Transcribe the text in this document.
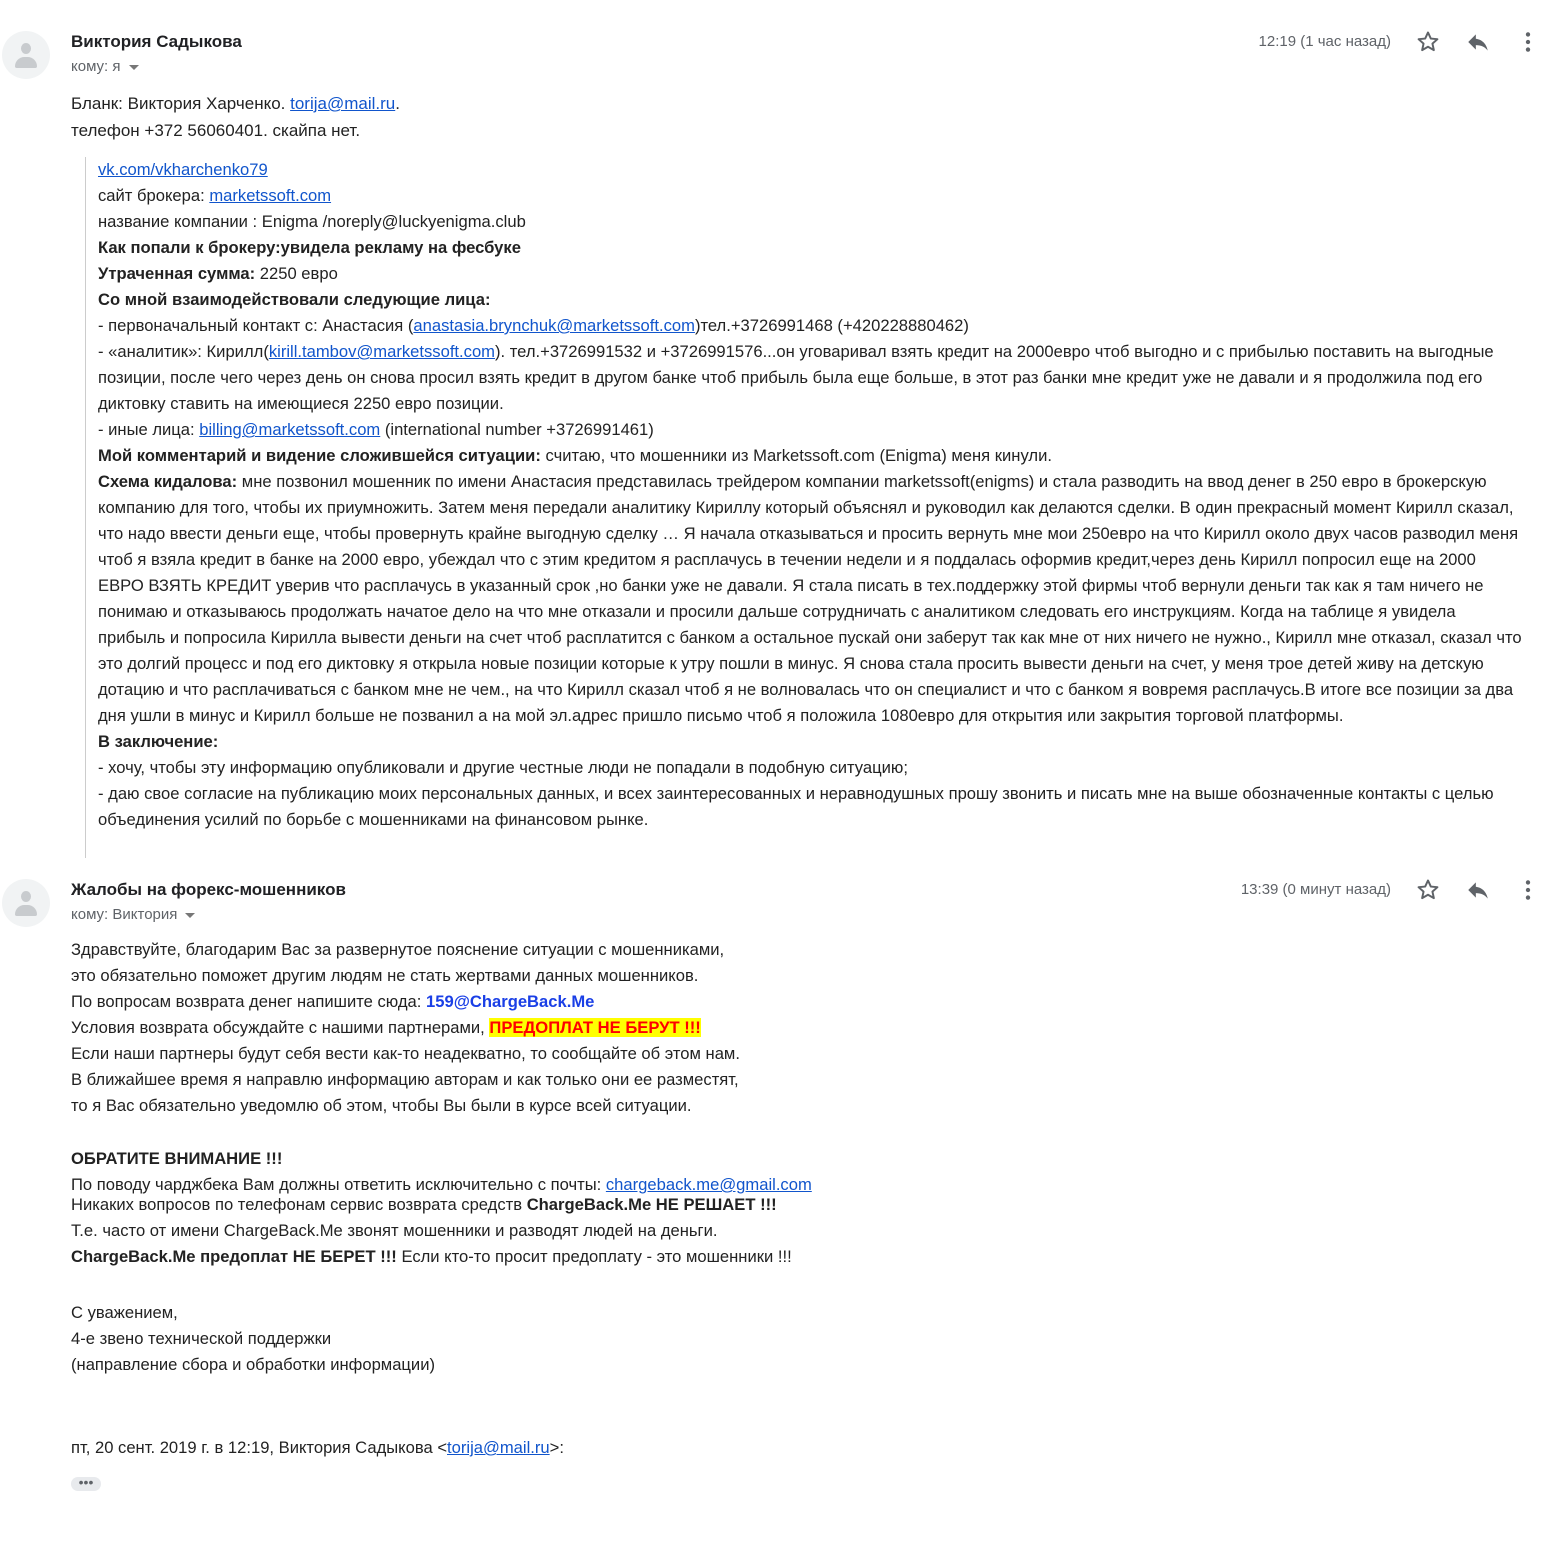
Виктория Садыкова
кому: я
12:19 (1 час назад)
Бланк: Виктория Харченко. torija@mail.ru.
телефон +372 56060401. скайпа нет.
vk.com/vkharchenko79
сайт брокера: marketssoft.com
название компании : Enigma /noreply@luckyenigma.club
Как попали к брокеру:увидела рекламу на фесбуке
Утраченная сумма: 2250 евро
Со мной взаимодействовали следующие лица:
- первоначальный контакт с: Анастасия (anastasia.brynchuk@marketssoft.com)тел.+3726991468 (+420228880462)
- «аналитик»: Кирилл(kirill.tambov@marketssoft.com). тел.+3726991532 и +3726991576...он уговаривал взять кредит на 2000евро чтоб выгодно и с прибылью поставить на выгодные позиции, после чего через день он снова просил взять кредит в другом банке чтоб прибыль была еще больше, в этот раз банки мне кредит уже не давали и я продолжила под его диктовку ставить на имеющиеся 2250 евро позиции.
- иные лица: billing@marketssoft.com (international number +3726991461)
Мой комментарий и видение сложившейся ситуации: считаю, что мошенники из Marketssoft.com (Enigma) меня кинули.
Схема кидалова: мне позвонил мошенник по имени Анастасия представилась трейдером компании marketssoft(enigms) и стала разводить на ввод денег в 250 евро в брокерскую компанию для того, чтобы их приумножить. Затем меня передали аналитику Кириллу который объяснял и руководил как делаются сделки. В один прекрасный момент Кирилл сказал, что надо ввести деньги еще, чтобы провернуть крайне выгодную сделку … Я начала отказываться и просить вернуть мне мои 250евро на что Кирилл около двух часов разводил меня чтоб я взяла кредит в банке на 2000 евро, убеждал что с этим кредитом я расплачусь в течении недели и я поддалась оформив кредит,через день Кирилл попросил еще на 2000 ЕВРО ВЗЯТЬ КРЕДИТ уверив что расплачусь в указанный срок ,но банки уже не давали. Я стала писать в тех.поддержку этой фирмы чтоб вернули деньги так как я там ничего не понимаю и отказываюсь продолжать начатое дело на что мне отказали и просили дальше сотрудничать с аналитиком следовать его инструкциям. Когда на таблице я увидела прибыль и попросила Кирилла вывести деньги на счет чтоб расплатится с банком а остальное пускай они заберут так как мне от них ничего не нужно., Кирилл мне отказал, сказал что это долгий процесс и под его диктовку я открыла новые позиции которые к утру пошли в минус. Я снова стала просить вывести деньги на счет, у меня трое детей живу на детскую дотацию и что расплачиваться с банком мне не чем., на что Кирилл сказал чтоб я не волновалась что он специалист и что с банком я вовремя расплачусь.В итоге все позиции за два дня ушли в минус и Кирилл больше не позванил а на мой эл.адрес пришло письмо чтоб я положила 1080евро для открытия или закрытия торговой платформы.
В заключение:
- хочу, чтобы эту информацию опубликовали и другие честные люди не попадали в подобную ситуацию;
- даю свое согласие на публикацию моих персональных данных, и всех заинтересованных и неравнодушных прошу звонить и писать мне на выше обозначенные контакты с целью объединения усилий по борьбе с мошенниками на финансовом рынке.
Жалобы на форекс-мошенников
кому: Виктория
13:39 (0 минут назад)
Здравствуйте, благодарим Вас за развернутое пояснение ситуации с мошенниками,
это обязательно поможет другим людям не стать жертвами данных мошенников.
По вопросам возврата денег напишите сюда: 159@ChargeBack.Me
Условия возврата обсуждайте с нашими партнерами, ПРЕДОПЛАТ НЕ БЕРУТ !!!
Если наши партнеры будут себя вести как-то неадекватно, то сообщайте об этом нам.
В ближайшее время я направлю информацию авторам и как только они ее разместят,
то я Вас обязательно уведомлю об этом, чтобы Вы были в курсе всей ситуации.
ОБРАТИТЕ ВНИМАНИЕ !!!
По поводу чарджбека Вам должны ответить исключительно с почты: chargeback.me@gmail.com
Никаких вопросов по телефонам сервис возврата средств ChargeBack.Me НЕ РЕШАЕТ !!!
Т.е. часто от имени ChargeBack.Me звонят мошенники и разводят людей на деньги.
ChargeBack.Me предоплат НЕ БЕРЕТ !!! Если кто-то просит предоплату - это мошенники !!!
С уважением,
4-е звено технической поддержки
(направление сбора и обработки информации)
пт, 20 сент. 2019 г. в 12:19, Виктория Садыкова <torija@mail.ru>:
•••
